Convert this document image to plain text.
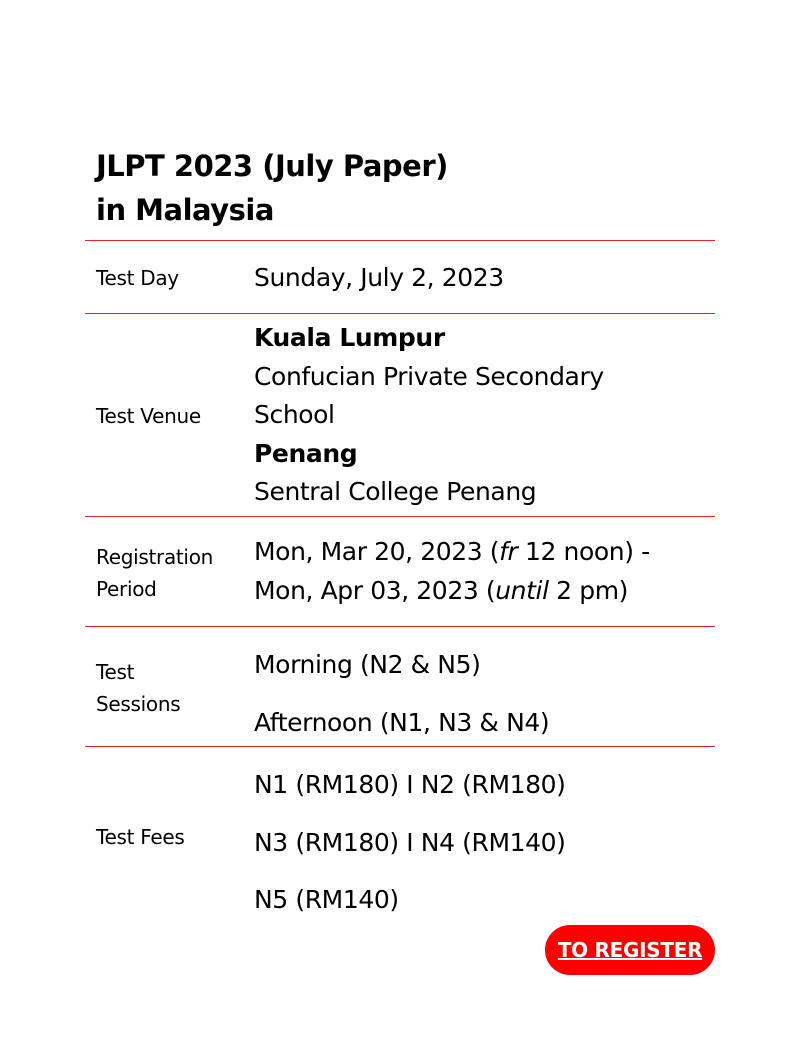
JLPT 2023 (July Paper)
in Malaysia
Test Day	Sunday, July 2, 2023
Test Venue
Kuala Lumpur
Confucian Private Secondary
School
Penang
Sentral College Penang
Registration
Period
Mon, Mar 20, 2023 (fr 12 noon) -
Mon, Apr 03, 2023 (until 2 pm)
Test
Sessions
Morning (N2 & N5)
Afternoon (N1, N3 & N4)
Test Fees
N1 (RM180) I N2 (RM180)
N3 (RM180) I N4 (RM140)
N5 (RM140)
TO REGISTER
